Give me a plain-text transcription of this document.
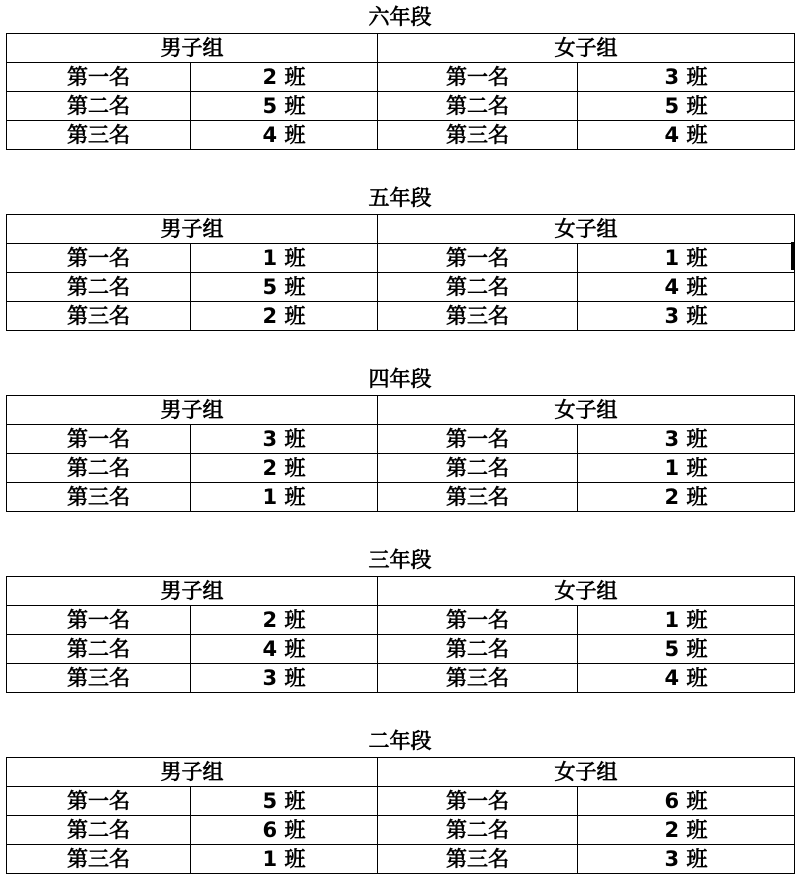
六年段
男子组		女子组	
第一名	2 班	第一名	3 班
第二名	5 班	第二名	5 班
第三名	4 班	第三名	4 班
五年段
男子组		女子组	
第一名	1 班	第一名	1 班
第二名	5 班	第二名	4 班
第三名	2 班	第三名	3 班
四年段
男子组		女子组	
第一名	3 班	第一名	3 班
第二名	2 班	第二名	1 班
第三名	1 班	第三名	2 班
三年段
男子组		女子组	
第一名	2 班	第一名	1 班
第二名	4 班	第二名	5 班
第三名	3 班	第三名	4 班
二年段
男子组		女子组	
第一名	5 班	第一名	6 班
第二名	6 班	第二名	2 班
第三名	1 班	第三名	3 班
